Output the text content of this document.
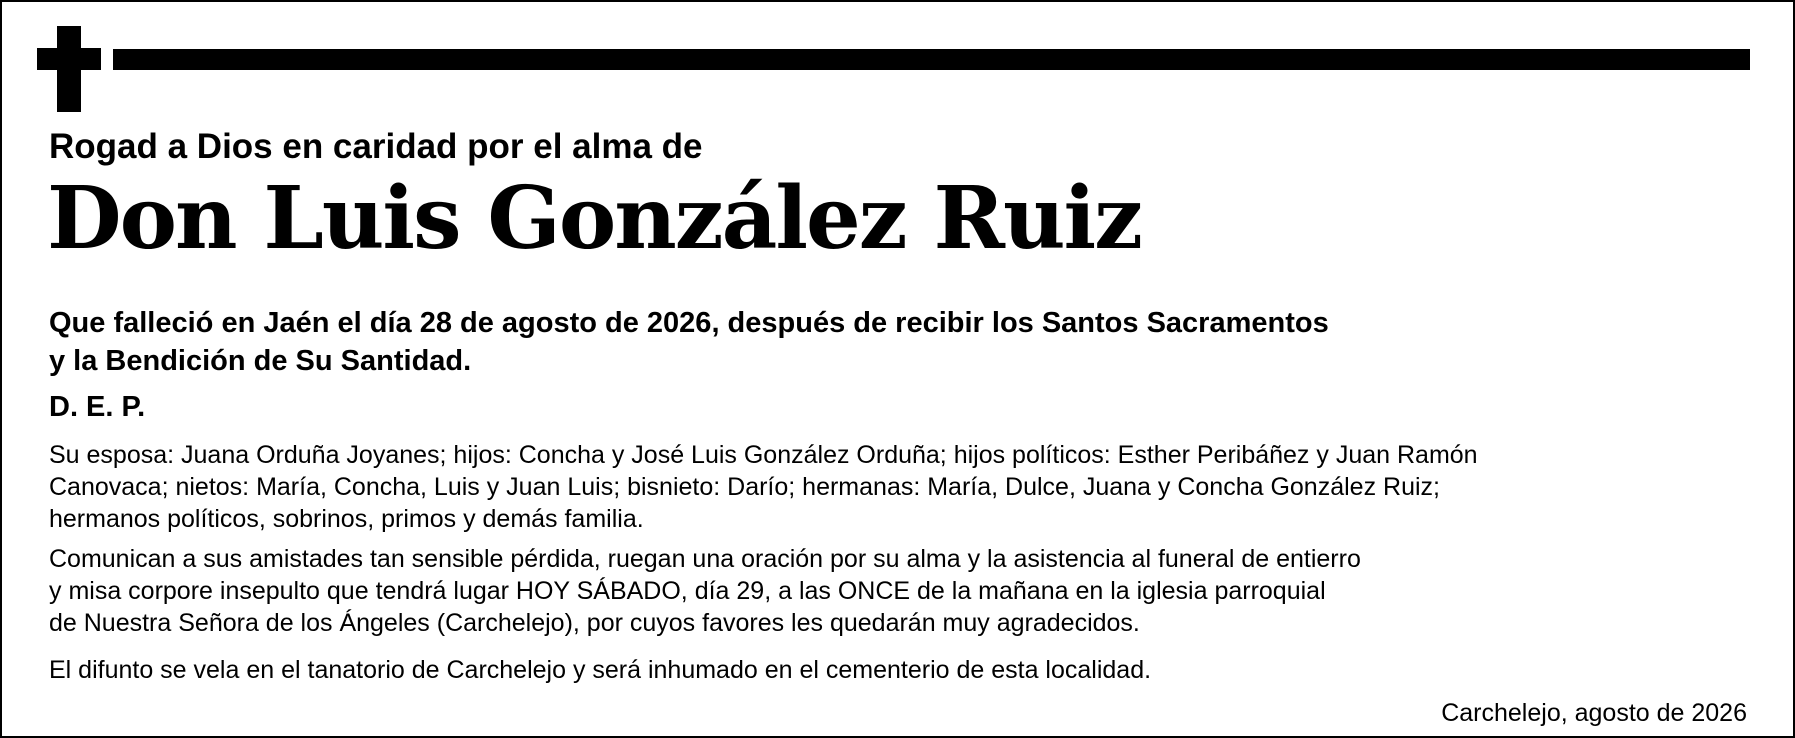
Rogad a Dios en caridad por el alma de
Don Luis González Ruiz
Que falleció en Jaén el día 28 de agosto de 2026, después de recibir los Santos Sacramentos
y la Bendición de Su Santidad.
D. E. P.
Su esposa: Juana Orduña Joyanes; hijos: Concha y José Luis González Orduña; hijos políticos: Esther Peribáñez y Juan Ramón
Canovaca; nietos: María, Concha, Luis y Juan Luis; bisnieto: Darío; hermanas: María, Dulce, Juana y Concha González Ruiz;
hermanos políticos, sobrinos, primos y demás familia.
Comunican a sus amistades tan sensible pérdida, ruegan una oración por su alma y la asistencia al funeral de entierro
y misa corpore insepulto que tendrá lugar HOY SÁBADO, día 29, a las ONCE de la mañana en la iglesia parroquial
de Nuestra Señora de los Ángeles (Carchelejo), por cuyos favores les quedarán muy agradecidos.
El difunto se vela en el tanatorio de Carchelejo y será inhumado en el cementerio de esta localidad.
Carchelejo, agosto de 2026
